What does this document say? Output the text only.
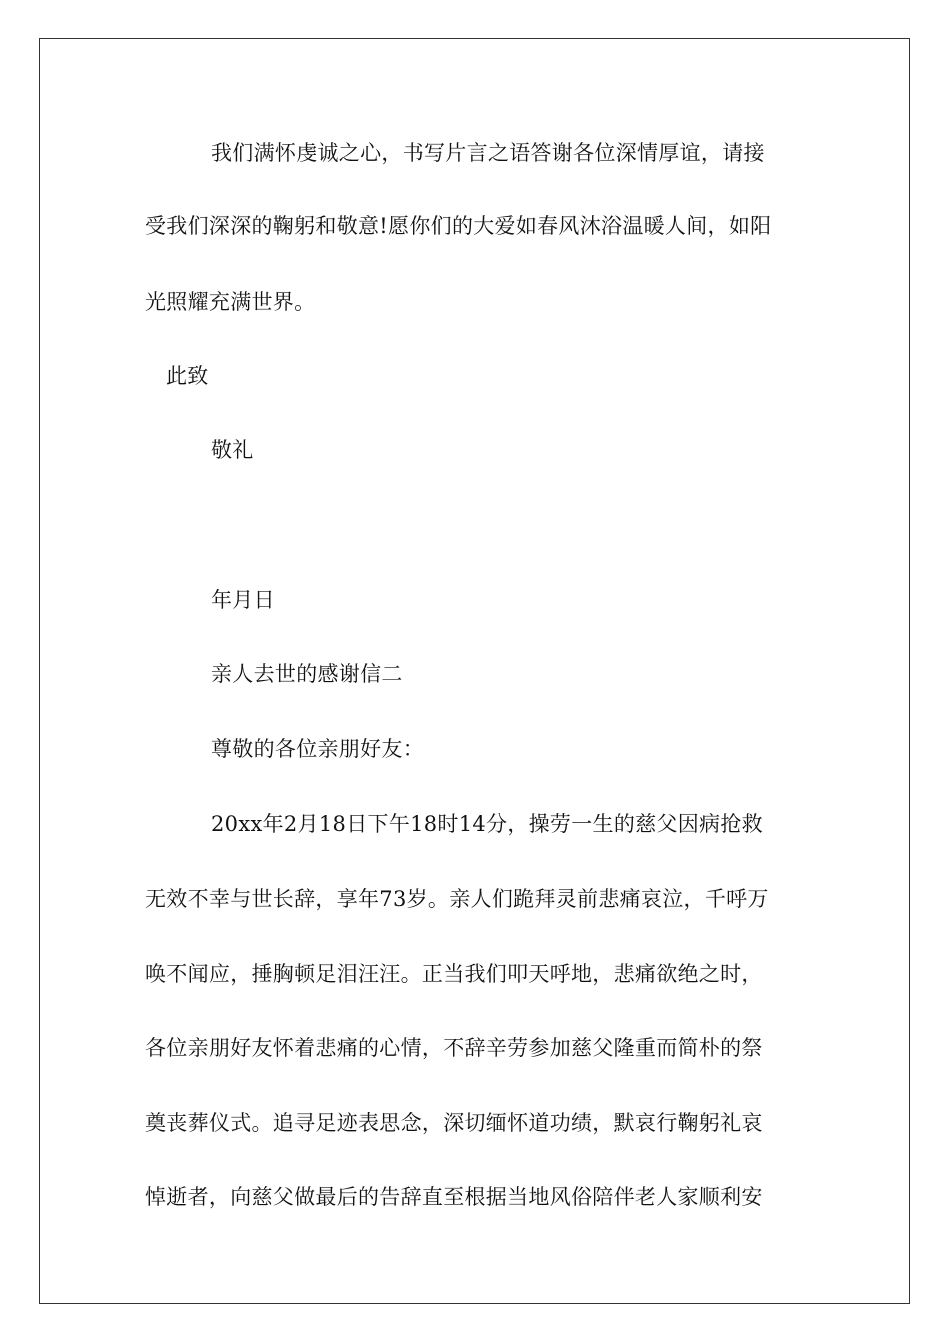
我们满怀虔诚之心，书写片言之语答谢各位深情厚谊，请接
受我们深深的鞠躬和敬意!愿你们的大爱如春风沐浴温暖人间，如阳
光照耀充满世界。
此致
敬礼
年月日
亲人去世的感谢信二
尊敬的各位亲朋好友：
20xx年2月18日下午18时14分，操劳一生的慈父因病抢救
无效不幸与世长辞，享年73岁。亲人们跪拜灵前悲痛哀泣，千呼万
唤不闻应，捶胸顿足泪汪汪。正当我们叩天呼地，悲痛欲绝之时，
各位亲朋好友怀着悲痛的心情，不辞辛劳参加慈父隆重而简朴的祭
奠丧葬仪式。追寻足迹表思念，深切缅怀道功绩，默哀行鞠躬礼哀
悼逝者，向慈父做最后的告辞直至根据当地风俗陪伴老人家顺利安
